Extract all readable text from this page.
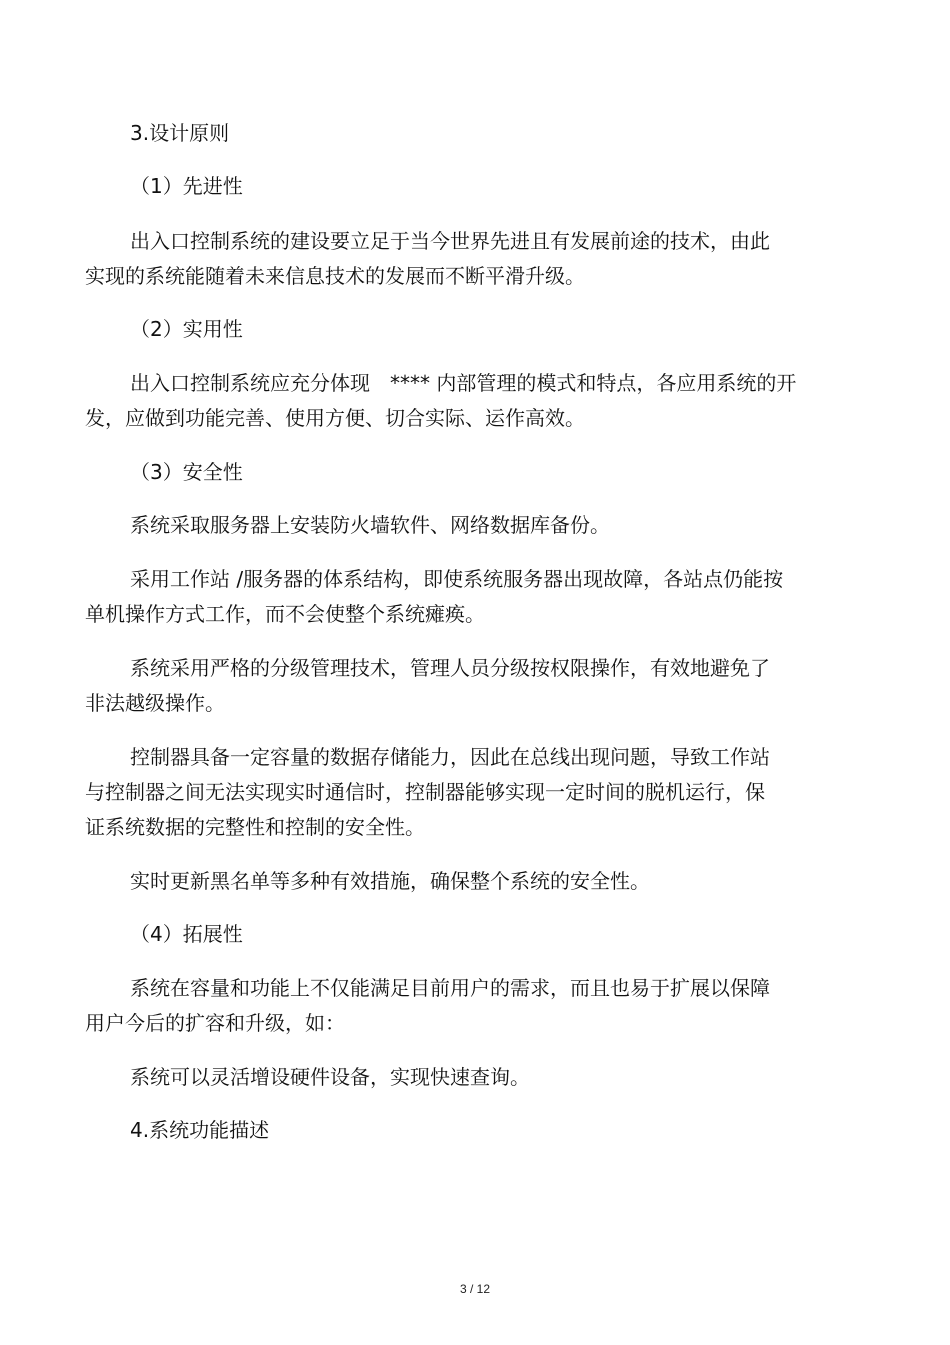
3.设计原则
（1）先进性
出入口控制系统的建设要立足于当今世界先进且有发展前途的技术，由此
实现的系统能随着未来信息技术的发展而不断平滑升级。
（2）实用性
出入口控制系统应充分体现　**** 内部管理的模式和特点，各应用系统的开
发，应做到功能完善、使用方便、切合实际、运作高效。
（3）安全性
系统采取服务器上安装防火墙软件、网络数据库备份。
采用工作站 /服务器的体系结构，即使系统服务器出现故障，各站点仍能按
单机操作方式工作，而不会使整个系统瘫痪。
系统采用严格的分级管理技术，管理人员分级按权限操作，有效地避免了
非法越级操作。
控制器具备一定容量的数据存储能力，因此在总线出现问题，导致工作站
与控制器之间无法实现实时通信时，控制器能够实现一定时间的脱机运行，保
证系统数据的完整性和控制的安全性。
实时更新黑名单等多种有效措施，确保整个系统的安全性。
（4）拓展性
系统在容量和功能上不仅能满足目前用户的需求，而且也易于扩展以保障
用户今后的扩容和升级，如：
系统可以灵活增设硬件设备，实现快速查询。
4.系统功能描述
3 / 12
